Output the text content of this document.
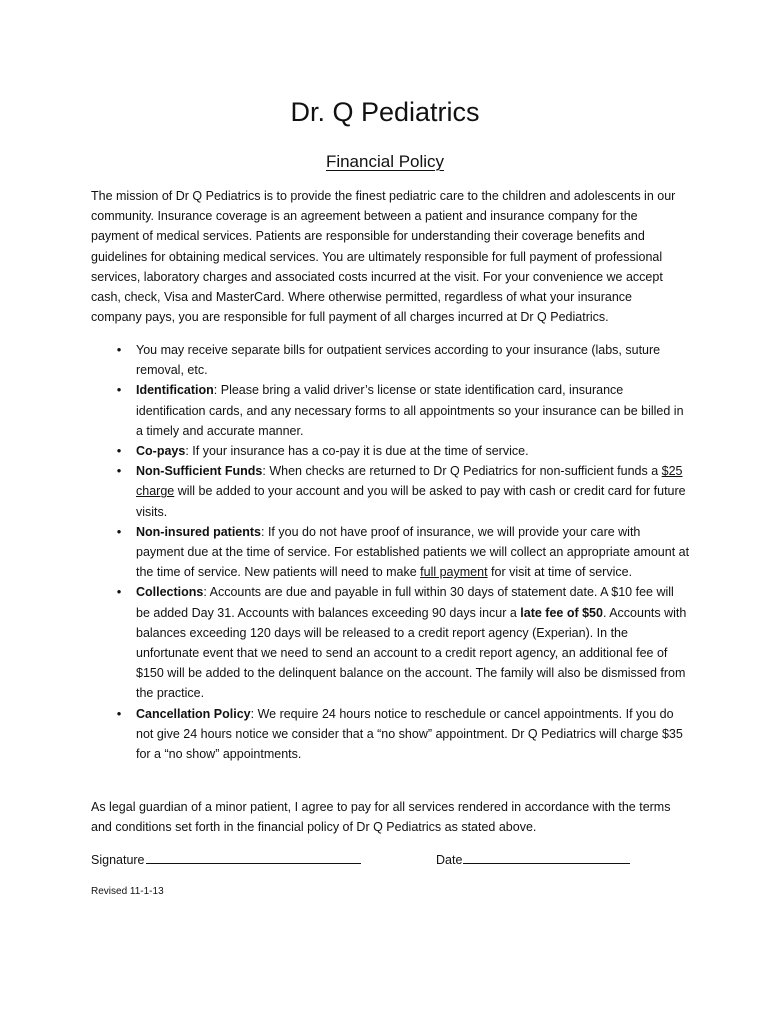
Dr. Q Pediatrics
Financial Policy
The mission of Dr Q Pediatrics is to provide the finest pediatric care to the children and adolescents in our community. Insurance coverage is an agreement between a patient and insurance company for the payment of medical services. Patients are responsible for understanding their coverage benefits and guidelines for obtaining medical services. You are ultimately responsible for full payment of professional services, laboratory charges and associated costs incurred at the visit. For your convenience we accept cash, check, Visa and MasterCard. Where otherwise permitted, regardless of what your insurance company pays, you are responsible for full payment of all charges incurred at Dr Q Pediatrics.
• You may receive separate bills for outpatient services according to your insurance (labs, suture removal, etc.
• Identification: Please bring a valid driver’s license or state identification card, insurance identification cards, and any necessary forms to all appointments so your insurance can be billed in a timely and accurate manner.
• Co-pays: If your insurance has a co-pay it is due at the time of service.
• Non-Sufficient Funds: When checks are returned to Dr Q Pediatrics for non-sufficient funds a $25 charge will be added to your account and you will be asked to pay with cash or credit card for future visits.
• Non-insured patients: If you do not have proof of insurance, we will provide your care with payment due at the time of service. For established patients we will collect an appropriate amount at the time of service. New patients will need to make full payment for visit at time of service.
• Collections: Accounts are due and payable in full within 30 days of statement date. A $10 fee will be added Day 31. Accounts with balances exceeding 90 days incur a late fee of $50. Accounts with balances exceeding 120 days will be released to a credit report agency (Experian). In the unfortunate event that we need to send an account to a credit report agency, an additional fee of $150 will be added to the delinquent balance on the account. The family will also be dismissed from the practice.
• Cancellation Policy: We require 24 hours notice to reschedule or cancel appointments. If you do not give 24 hours notice we consider that a “no show” appointment. Dr Q Pediatrics will charge $35 for a “no show” appointments.
As legal guardian of a minor patient, I agree to pay for all services rendered in accordance with the terms and conditions set forth in the financial policy of Dr Q Pediatrics as stated above.
Signature	Date
Revised 11-1-13
